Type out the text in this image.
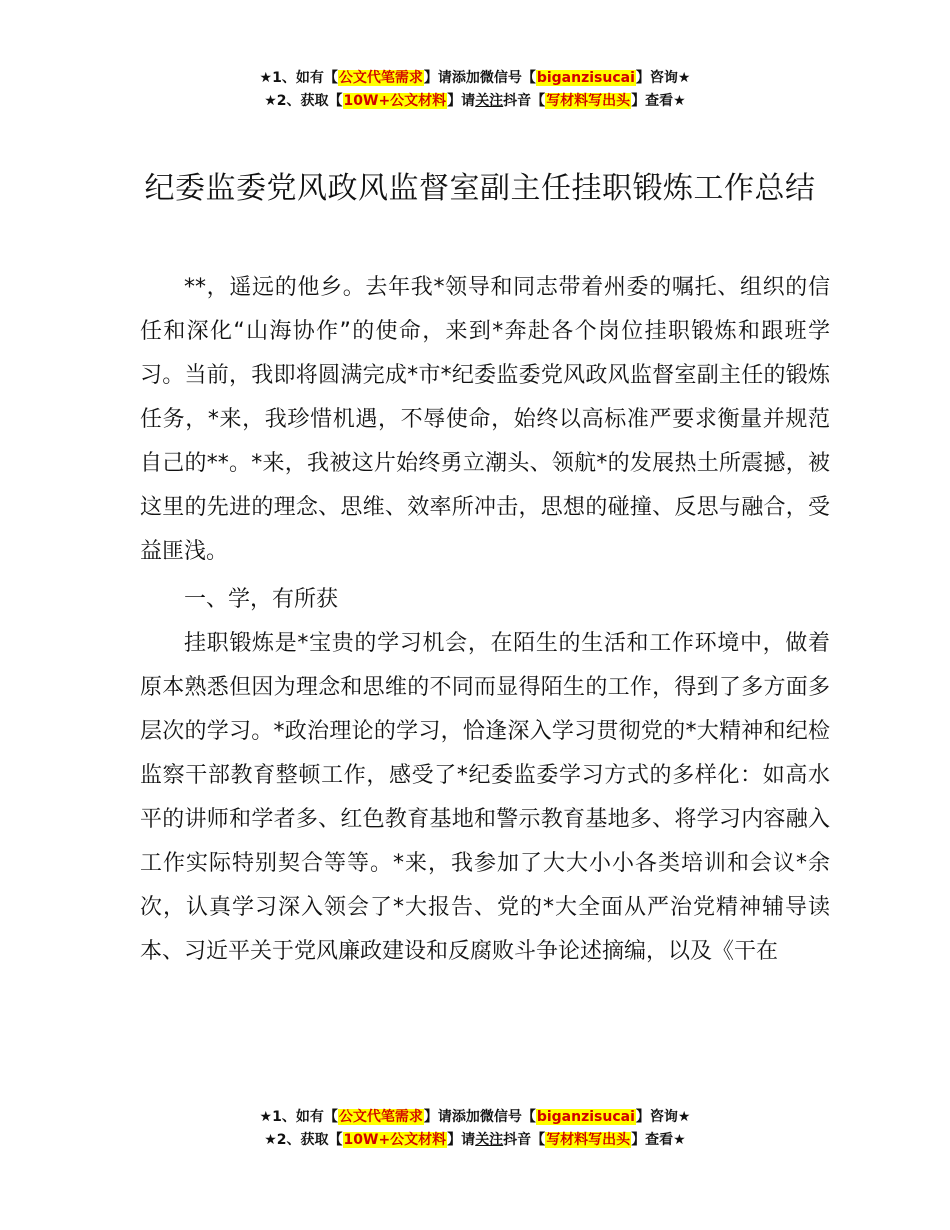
★1、如有【公文代笔需求】请添加微信号【biganzisucai】咨询★
★2、获取【10W+公文材料】请关注抖音【写材料写出头】查看★
纪委监委党风政风监督室副主任挂职锻炼工作总结

**，遥远的他乡。去年我*领导和同志带着州委的嘱托、组织的信任和深化“山海协作”的使命，来到*奔赴各个岗位挂职锻炼和跟班学习。当前，我即将圆满完成*市*纪委监委党风政风监督室副主任的锻炼任务，*来，我珍惜机遇，不辱使命，始终以高标准严要求衡量并规范自己的**。*来，我被这片始终勇立潮头、领航*的发展热土所震撼，被这里的先进的理念、思维、效率所冲击，思想的碰撞、反思与融合，受益匪浅。

一、学，有所获

挂职锻炼是*宝贵的学习机会，在陌生的生活和工作环境中，做着原本熟悉但因为理念和思维的不同而显得陌生的工作，得到了多方面多层次的学习。*政治理论的学习，恰逢深入学习贯彻党的*大精神和纪检监察干部教育整顿工作，感受了*纪委监委学习方式的多样化：如高水平的讲师和学者多、红色教育基地和警示教育基地多、将学习内容融入工作实际特别契合等等。*来，我参加了大大小小各类培训和会议*余次，认真学习深入领会了*大报告、党的*大全面从严治党精神辅导读本、习近平关于党风廉政建设和反腐败斗争论述摘编，以及《干在

★1、如有【公文代笔需求】请添加微信号【biganzisucai】咨询★
★2、获取【10W+公文材料】请关注抖音【写材料写出头】查看★
